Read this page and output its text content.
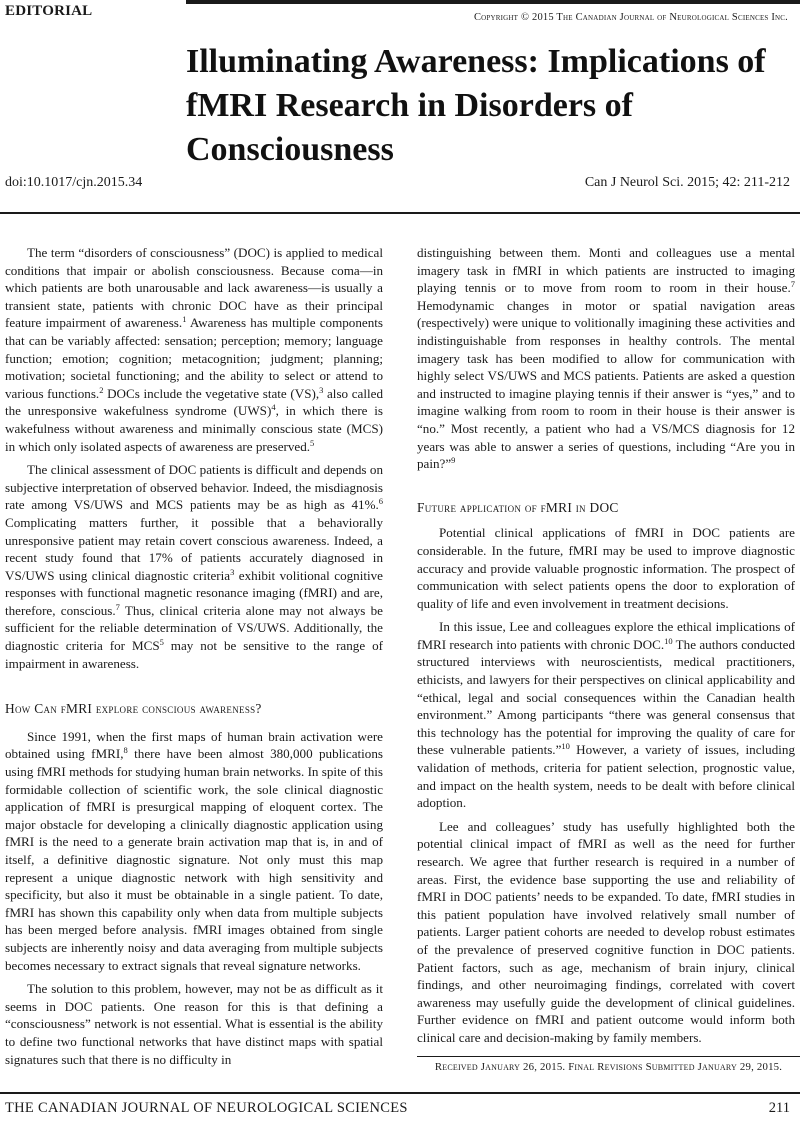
EDITORIAL	Copyright © 2015 The Canadian Journal of Neurological Sciences Inc.
Illuminating Awareness: Implications of fMRI Research in Disorders of Consciousness
doi:10.1017/cjn.2015.34	Can J Neurol Sci. 2015; 42: 211-212

The term “disorders of consciousness” (DOC) is applied to medical conditions that impair or abolish consciousness. Because coma—in which patients are both unarousable and lack awareness—is usually a transient state, patients with chronic DOC have as their principal feature impairment of awareness.$^1$ Awareness has multiple components that can be variably affected: sensation; perception; memory; language function; emotion; cognition; metacognition; judgment; planning; motivation; societal functioning; and the ability to select or attend to various functions.$^2$ DOCs include the vegetative state (VS),$^3$ also called the unresponsive wakefulness syndrome (UWS)$^4$, in which there is wakefulness without awareness and minimally conscious state (MCS) in which only isolated aspects of awareness are preserved.$^5$

The clinical assessment of DOC patients is difficult and depends on subjective interpretation of observed behavior. Indeed, the misdiagnosis rate among VS/UWS and MCS patients may be as high as 41%.$^6$ Complicating matters further, it possible that a behaviorally unresponsive patient may retain covert conscious awareness. Indeed, a recent study found that 17% of patients accurately diagnosed in VS/UWS using clinical diagnostic criteria$^3$ exhibit volitional cognitive responses with functional magnetic resonance imaging (fMRI) and are, therefore, conscious.$^7$ Thus, clinical criteria alone may not always be sufficient for the reliable determination of VS/UWS. Additionally, the diagnostic criteria for MCS$^5$ may not be sensitive to the range of impairment in awareness.

How Can fMRI explore conscious awareness?

Since 1991, when the first maps of human brain activation were obtained using fMRI,$^8$ there have been almost 380,000 publications using fMRI methods for studying human brain networks. In spite of this formidable collection of scientific work, the sole clinical diagnostic application of fMRI is presurgical mapping of eloquent cortex. The major obstacle for developing a clinically diagnostic application using fMRI is the need to a generate brain activation map that is, in and of itself, a definitive diagnostic signature. Not only must this map represent a unique diagnostic network with high sensitivity and specificity, but also it must be obtainable in a single patient. To date, fMRI has shown this capability only when data from multiple subjects has been merged before analysis. fMRI images obtained from single subjects are inherently noisy and data averaging from multiple subjects becomes necessary to extract signals that reveal signature networks.

The solution to this problem, however, may not be as difficult as it seems in DOC patients. One reason for this is that defining a “consciousness” network is not essential. What is essential is the ability to define two functional networks that have distinct maps with spatial signatures such that there is no difficulty in

distinguishing between them. Monti and colleagues use a mental imagery task in fMRI in which patients are instructed to imaging playing tennis or to move from room to room in their house.$^7$ Hemodynamic changes in motor or spatial navigation areas (respectively) were unique to volitionally imagining these activities and indistinguishable from responses in healthy controls. The mental imagery task has been modified to allow for communication with highly select VS/UWS and MCS patients. Patients are asked a question and instructed to imagine playing tennis if their answer is “yes,” and to imagine walking from room to room in their house is their answer is “no.” Most recently, a patient who had a VS/MCS diagnosis for 12 years was able to answer a series of questions, including “Are you in pain?”$^9$

Future application of fMRI in DOC

Potential clinical applications of fMRI in DOC patients are considerable. In the future, fMRI may be used to improve diagnostic accuracy and provide valuable prognostic information. The prospect of communication with select patients opens the door to exploration of quality of life and even involvement in treatment decisions.

In this issue, Lee and colleagues explore the ethical implications of fMRI research into patients with chronic DOC.$^{10}$ The authors conducted structured interviews with neuroscientists, medical practitioners, ethicists, and lawyers for their perspectives on clinical applicability and “ethical, legal and social consequences within the Canadian health environment.” Among participants “there was general consensus that this technology has the potential for improving the quality of care for these vulnerable patients.”$^{10}$ However, a variety of issues, including validation of methods, criteria for patient selection, prognostic value, and impact on the health system, needs to be dealt with before clinical adoption.

Lee and colleagues’ study has usefully highlighted both the potential clinical impact of fMRI as well as the need for further research. We agree that further research is required in a number of areas. First, the evidence base supporting the use and reliability of fMRI in DOC patients’ needs to be expanded. To date, fMRI studies in this patient population have involved relatively small number of patients. Larger patient cohorts are needed to develop robust estimates of the prevalence of preserved cognitive function in DOC patients. Patient factors, such as age, mechanism of brain injury, clinical findings, and other neuroimaging findings, correlated with covert awareness may usefully guide the development of clinical guidelines. Further evidence on fMRI and patient outcome would inform both clinical care and decision-making by family members.

Received January 26, 2015. Final Revisions Submitted January 29, 2015.
THE CANADIAN JOURNAL OF NEUROLOGICAL SCIENCES	211
